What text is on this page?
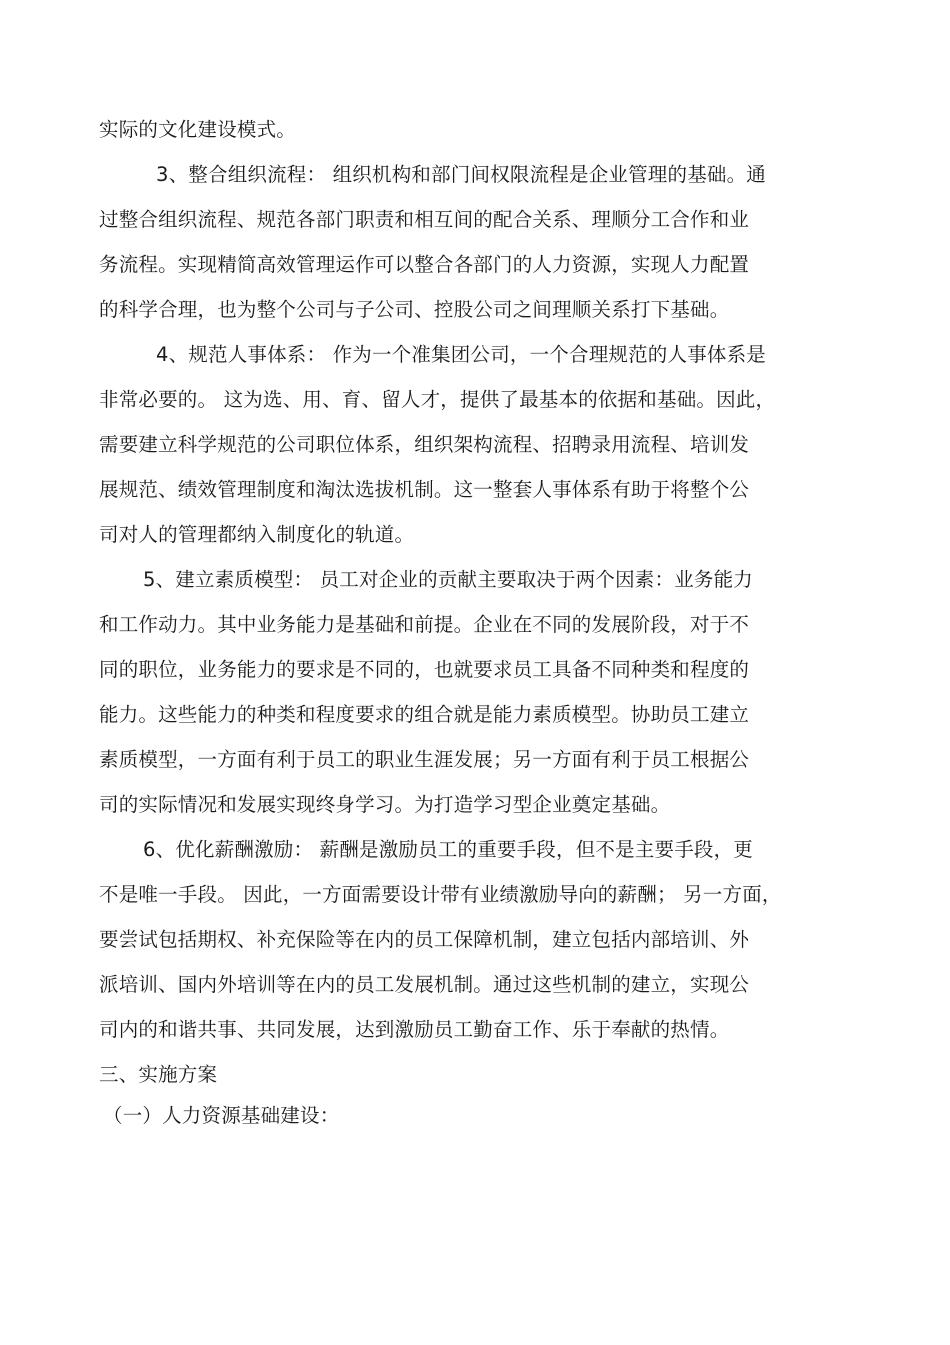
实际的文化建设模式。
3、整合组织流程： 组织机构和部门间权限流程是企业管理的基础。通
过整合组织流程、规范各部门职责和相互间的配合关系、理顺分工合作和业
务流程。实现精简高效管理运作可以整合各部门的人力资源，实现人力配置
的科学合理，也为整个公司与子公司、控股公司之间理顺关系打下基础。
4、规范人事体系： 作为一个准集团公司，一个合理规范的人事体系是
非常必要的。 这为选、用、育、留人才，提供了最基本的依据和基础。因此，
需要建立科学规范的公司职位体系，组织架构流程、招聘录用流程、培训发
展规范、绩效管理制度和淘汰选拔机制。这一整套人事体系有助于将整个公
司对人的管理都纳入制度化的轨道。
5、建立素质模型： 员工对企业的贡献主要取决于两个因素：业务能力
和工作动力。其中业务能力是基础和前提。企业在不同的发展阶段，对于不
同的职位，业务能力的要求是不同的，也就要求员工具备不同种类和程度的
能力。这些能力的种类和程度要求的组合就是能力素质模型。协助员工建立
素质模型，一方面有利于员工的职业生涯发展；另一方面有利于员工根据公
司的实际情况和发展实现终身学习。为打造学习型企业奠定基础。
6、优化薪酬激励： 薪酬是激励员工的重要手段，但不是主要手段，更
不是唯一手段。 因此，一方面需要设计带有业绩激励导向的薪酬； 另一方面，
要尝试包括期权、补充保险等在内的员工保障机制，建立包括内部培训、外
派培训、国内外培训等在内的员工发展机制。通过这些机制的建立，实现公
司内的和谐共事、共同发展，达到激励员工勤奋工作、乐于奉献的热情。
三、实施方案
（一）人力资源基础建设：
